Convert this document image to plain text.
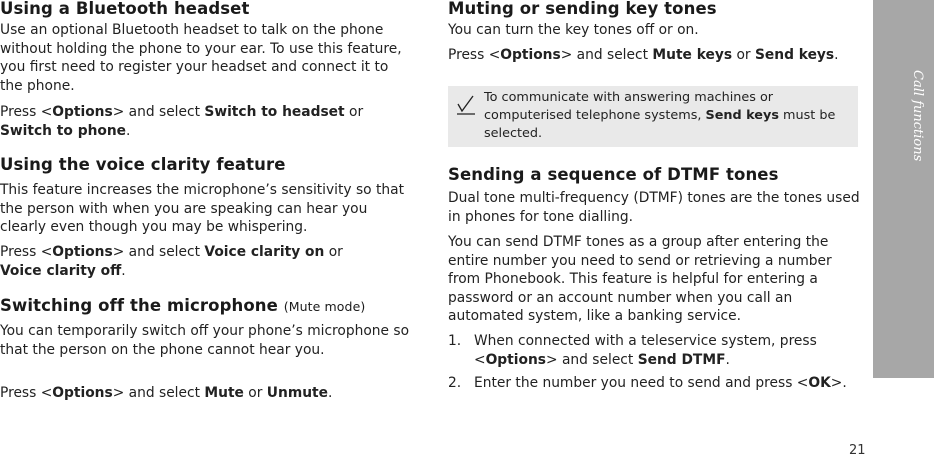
Using a Bluetooth headset

Use an optional Bluetooth headset to talk on the phone without holding the phone to your ear. To use this feature, you first need to register your headset and connect it to the phone.

Press <Options> and select Switch to headset or
Switch to phone.

Using the voice clarity feature

This feature increases the microphone’s sensitivity so that the person with when you are speaking can hear you clearly even though you may be whispering.

Press <Options> and select Voice clarity on or
Voice clarity off.

Switching off the microphone (Mute mode)

You can temporarily switch off your phone’s microphone so that the person on the phone cannot hear you.

Press <Options> and select Mute or Unmute.

Muting or sending key tones

You can turn the key tones off or on.

Press <Options> and select Mute keys or Send keys.

To communicate with answering machines or computerised telephone systems, Send keys must be selected.
Sending a sequence of DTMF tones

Dual tone multi-frequency (DTMF) tones are the tones used in phones for tone dialling.

You can send DTMF tones as a group after entering the entire number you need to send or retrieving a number from Phonebook. This feature is helpful for entering a password or an account number when you call an automated system, like a banking service.

1. When connected with a teleservice system, press <Options> and select Send DTMF.
2. Enter the number you need to send and press <OK>.
Call functions
21
